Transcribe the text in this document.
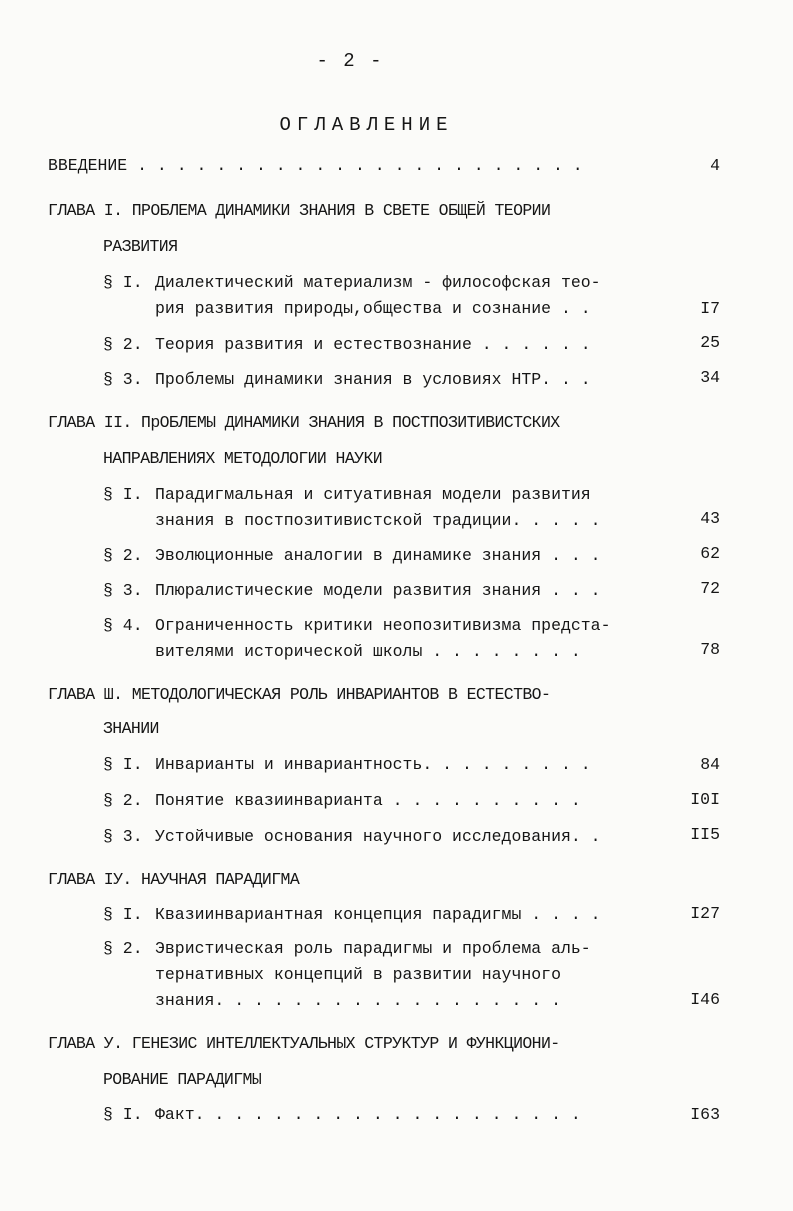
- 2 -
ОГЛАВЛЕНИЕ
ВВЕДЕНИЕ . . . . . . . . . . . . . . . . . . . . . . .	4
ГЛАВА I. ПРОБЛЕМА ДИНАМИКИ ЗНАНИЯ В СВЕТЕ ОБЩЕЙ ТЕОРИИ
РАЗВИТИЯ
§ I. Диалектический материализм - философская тео-
рия развития природы,общества и сознание . .	I7
§ 2. Теория развития и естествознание . . . . . .	25
§ 3. Проблемы динамики знания в условиях НТР. . .	34
ГЛАВА II. ПрОБЛЕМЫ ДИНАМИКИ ЗНАНИЯ В ПОСТПОЗИТИВИСТСКИХ
НАПРАВЛЕНИЯХ МЕТОДОЛОГИИ НАУКИ
§ I. Парадигмальная и ситуативная модели развития
знания в постпозитивистской традиции. . . . .	43
§ 2. Эволюционные аналогии в динамике знания . . .	62
§ 3. Плюралистические модели развития знания . . .	72
§ 4. Ограниченность критики неопозитивизма предста-
вителями исторической школы . . . . . . . .	78
ГЛАВА Ш. МЕТОДОЛОГИЧЕСКАЯ РОЛЬ ИНВАРИАНТОВ В ЕСТЕСТВО-
ЗНАНИИ
§ I. Инварианты и инвариантность. . . . . . . . .	84
§ 2. Понятие квазиинварианта . . . . . . . . . .	I0I
§ 3. Устойчивые основания научного исследования. .	II5
ГЛАВА IУ. НАУЧНАЯ ПАРАДИГМА
§ I. Квазиинвариантная концепция парадигмы . . . .	I27
§ 2. Эвристическая роль парадигмы и проблема аль-
тернативных концепций в развитии научного
знания. . . . . . . . . . . . . . . . . .	I46
ГЛАВА У. ГЕНЕЗИС ИНТЕЛЛЕКТУАЛЬНЫХ СТРУКТУР И ФУНКЦИОНИ-
РОВАНИЕ ПАРАДИГМЫ
§ I. Факт. . . . . . . . . . . . . . . . . . . .	I63
